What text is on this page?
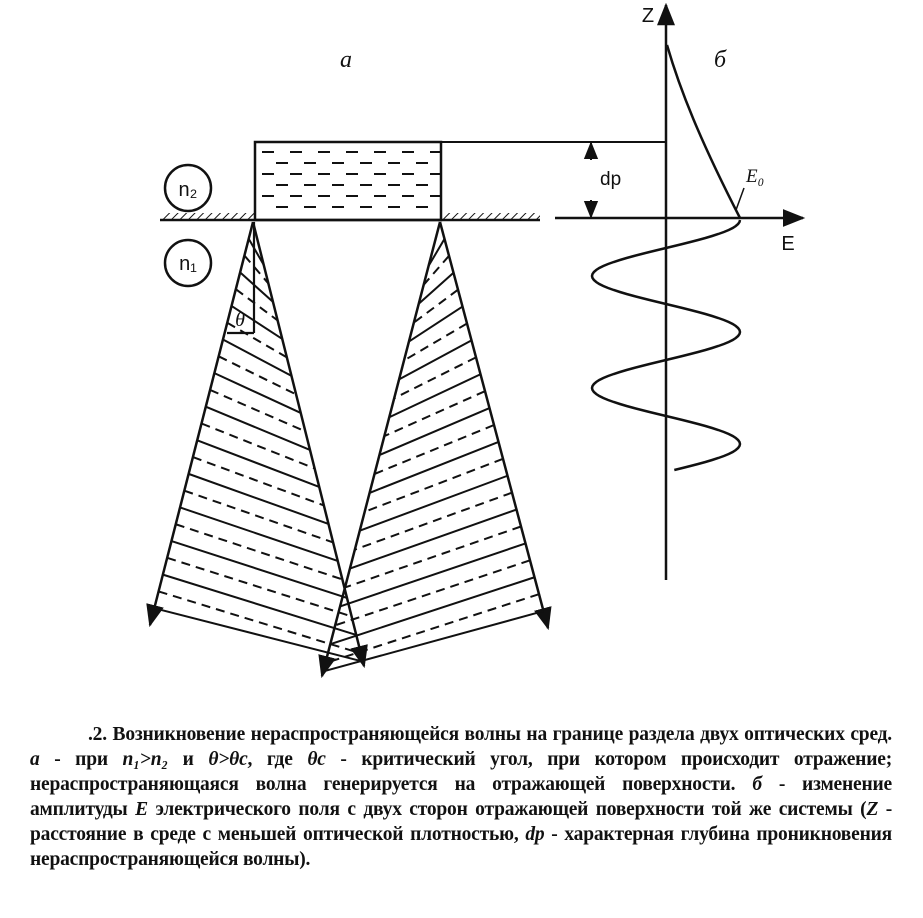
n₂
n₁
а	б
θ
Z
E
dp	E₀
.2. Возникновение нераспространяющейся волны на границе раздела двух оптических сред. а - при n₁>n₂ и θ>θc, где θc - критический угол, при котором происходит отражение; нераспространяющаяся волна генерируется на отражающей поверхности. б - изменение амплитуды E электрического поля с двух сторон отражающей поверхности той же системы (Z - расстояние в среде с меньшей оптической плотностью, dp - характерная глубина проникновения нераспространяющейся волны).
